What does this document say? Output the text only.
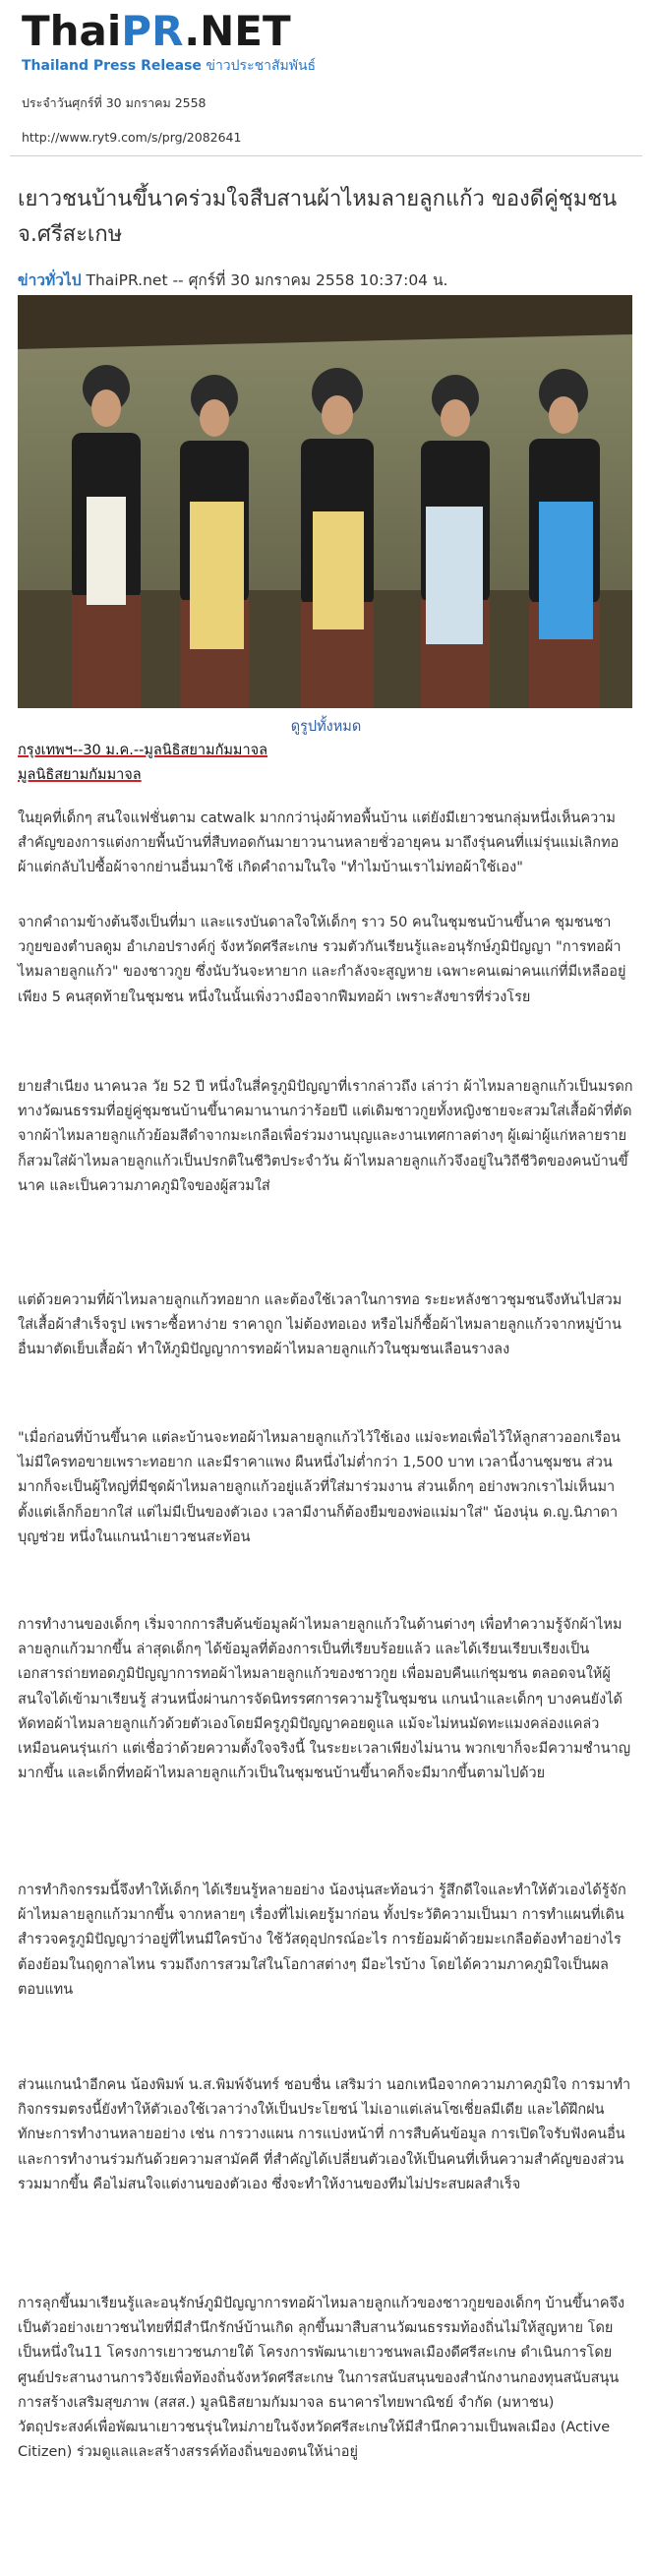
ThaiPR.NET
Thailand Press Release ข่าวประชาสัมพันธ์
ประจำวันศุกร์ที่ 30 มกราคม 2558
http://www.ryt9.com/s/prg/2082641
เยาวชนบ้านขึ้นาคร่วมใจสืบสานผ้าไหมลายลูกแก้ว ของดีคู่ชุมชน จ.ศรีสะเกษ
ข่าวทั่วไป ThaiPR.net -- ศุกร์ที่ 30 มกราคม 2558 10:37:04 น.
ดูรูปทั้งหมด
กรุงเทพฯ--30 ม.ค.--มูลนิธิสยามกัมมาจล
มูลนิธิสยามกัมมาจล
ในยุคที่เด็กๆ สนใจแฟชั่นตาม catwalk มากกว่านุ่งผ้าทอพื้นบ้าน แต่ยังมีเยาวชนกลุ่มหนึ่งเห็นความสำคัญของการแต่งกายพื้นบ้านที่สืบทอดกันมายาวนานหลายชั่วอายุคน มาถึงรุ่นคนที่แม่รุ่นแม่เลิกทอผ้าแต่กลับไปซื้อผ้าจากย่านอื่นมาใช้ เกิดคำถามในใจ "ทำไมบ้านเราไม่ทอผ้าใช้เอง"
จากคำถามข้างต้นจึงเป็นที่มา และแรงบันดาลใจให้เด็กๆ ราว 50 คนในชุมชนบ้านขึ้นาค ชุมชนชาวกูยของตำบลดูม อำเภอปรางค์กู่ จังหวัดศรีสะเกษ รวมตัวกันเรียนรู้และอนุรักษ์ภูมิปัญญา "การทอผ้าไหมลายลูกแก้ว" ของชาวกูย ซึ่งนับวันจะหายาก และกำลังจะสูญหาย เฉพาะคนเฒ่าคนแก่ที่มีเหลืออยู่เพียง 5 คนสุดท้ายในชุมชน หนึ่งในนั้นเพิ่งวางมือจากฟืมทอผ้า เพราะสังขารที่ร่วงโรย
ยายสำเนียง นาคนวล วัย 52 ปี หนึ่งในสี่ครูภูมิปัญญาที่เรากล่าวถึง เล่าว่า ผ้าไหมลายลูกแก้วเป็นมรดกทางวัฒนธรรมที่อยู่คู่ชุมชนบ้านขึ้นาคมานานกว่าร้อยปี แต่เดิมชาวกูยทั้งหญิงชายจะสวมใส่เสื้อผ้าที่ตัดจากผ้าไหมลายลูกแก้วย้อมสีดำจากมะเกลือเพื่อร่วมงานบุญและงานเทศกาลต่างๆ ผู้เฒ่าผู้แก่หลายรายก็สวมใส่ผ้าไหมลายลูกแก้วเป็นปรกติในชีวิตประจำวัน ผ้าไหมลายลูกแก้วจึงอยู่ในวิถีชีวิตของคนบ้านขึ้นาค และเป็นความภาคภูมิใจของผู้สวมใส่
แต่ด้วยความที่ผ้าไหมลายลูกแก้วทอยาก และต้องใช้เวลาในการทอ ระยะหลังชาวชุมชนจึงหันไปสวมใส่เสื้อผ้าสำเร็จรูป เพราะซื้อหาง่าย ราคาถูก ไม่ต้องทอเอง หรือไม่ก็ซื้อผ้าไหมลายลูกแก้วจากหมู่บ้านอื่นมาตัดเย็บเสื้อผ้า ทำให้ภูมิปัญญาการทอผ้าไหมลายลูกแก้วในชุมชนเลือนรางลง
"เมื่อก่อนที่บ้านขึ้นาค แต่ละบ้านจะทอผ้าไหมลายลูกแก้วไว้ใช้เอง แม่จะทอเพื่อไว้ให้ลูกสาวออกเรือน ไม่มีใครทอขายเพราะทอยาก และมีราคาแพง ผืนหนึ่งไม่ต่ำกว่า 1,500 บาท เวลานี้งานชุมชน ส่วนมากก็จะเป็นผู้ใหญ่ที่มีชุดผ้าไหมลายลูกแก้วอยู่แล้วที่ใส่มาร่วมงาน ส่วนเด็กๆ อย่างพวกเราไม่เห็นมาตั้งแต่เล็กก็อยากใส่ แต่ไม่มีเป็นของตัวเอง เวลามีงานก็ต้องยืมของพ่อแม่มาใส่" น้องนุ่น ด.ญ.นิภาดา บุญช่วย หนึ่งในแกนนำเยาวชนสะท้อน
การทำงานของเด็กๆ เริ่มจากการสืบค้นข้อมูลผ้าไหมลายลูกแก้วในด้านต่างๆ เพื่อทำความรู้จักผ้าไหมลายลูกแก้วมากขึ้น ล่าสุดเด็กๆ ได้ข้อมูลที่ต้องการเป็นที่เรียบร้อยแล้ว และได้เรียนเรียบเรียงเป็นเอกสารถ่ายทอดภูมิปัญญาการทอผ้าไหมลายลูกแก้วของชาวกูย เพื่อมอบคืนแก่ชุมชน ตลอดจนให้ผู้สนใจได้เข้ามาเรียนรู้ ส่วนหนึ่งผ่านการจัดนิทรรศการความรู้ในชุมชน แกนนำและเด็กๆ บางคนยังได้หัดทอผ้าไหมลายลูกแก้วด้วยตัวเองโดยมีครูภูมิปัญญาคอยดูแล แม้จะไม่หนมัดทะแมงคล่องแคล่วเหมือนคนรุ่นเก่า แต่เชื่อว่าด้วยความตั้งใจจริงนี้ ในระยะเวลาเพียงไม่นาน พวกเขาก็จะมีความชำนาญมากขึ้น และเด็กที่ทอผ้าไหมลายลูกแก้วเป็นในชุมชนบ้านขึ้นาคก็จะมีมากขึ้นตามไปด้วย
การทำกิจกรรมนี้จึงทำให้เด็กๆ ได้เรียนรู้หลายอย่าง น้องนุ่นสะท้อนว่า รู้สึกดีใจและทำให้ตัวเองได้รู้จักผ้าไหมลายลูกแก้วมากขึ้น จากหลายๆ เรื่องที่ไม่เคยรู้มาก่อน ทั้งประวัติความเป็นมา การทำแผนที่เดินสำรวจครูภูมิปัญญาว่าอยู่ที่ไหนมีใครบ้าง ใช้วัสดุอุปกรณ์อะไร การย้อมผ้าด้วยมะเกลือต้องทำอย่างไร ต้องย้อมในฤดูกาลไหน รวมถึงการสวมใส่ในโอกาสต่างๆ มีอะไรบ้าง โดยได้ความภาคภูมิใจเป็นผลตอบแทน
ส่วนแกนนำอีกคน น้องพิมพ์ น.ส.พิมพ์จันทร์ ชอบชื่น เสริมว่า นอกเหนือจากความภาคภูมิใจ การมาทำกิจกรรมตรงนี้ยังทำให้ตัวเองใช้เวลาว่างให้เป็นประโยชน์ ไม่เอาแต่เล่นโซเชี่ยลมีเดีย และได้ฝึกฝนทักษะการทำงานหลายอย่าง เช่น การวางแผน การแบ่งหน้าที่ การสืบค้นข้อมูล การเปิดใจรับฟังคนอื่น และการทำงานร่วมกันด้วยความสามัคคี ที่สำคัญได้เปลี่ยนตัวเองให้เป็นคนที่เห็นความสำคัญของส่วนรวมมากขึ้น คือไม่สนใจแต่งานของตัวเอง ซึ่งจะทำให้งานของทีมไม่ประสบผลสำเร็จ
การลุกขึ้นมาเรียนรู้และอนุรักษ์ภูมิปัญญาการทอผ้าไหมลายลูกแก้วของชาวกูยของเด็กๆ บ้านขึ้นาคจึงเป็นตัวอย่างเยาวชนไทยที่มีสำนึกรักษ์บ้านเกิด ลุกขึ้นมาสืบสานวัฒนธรรมท้องถิ่นไม่ให้สูญหาย โดยเป็นหนึ่งใน11 โครงการเยาวชนภายใต้ โครงการพัฒนาเยาวชนพลเมืองดีศรีสะเกษ ดำเนินการโดยศูนย์ประสานงานการวิจัยเพื่อท้องถิ่นจังหวัดศรีสะเกษ ในการสนับสนุนของสำนักงานกองทุนสนับสนุนการสร้างเสริมสุขภาพ (สสส.) มูลนิธิสยามกัมมาจล ธนาคารไทยพาณิชย์ จำกัด (มหาชน) วัตถุประสงค์เพื่อพัฒนาเยาวชนรุ่นใหม่ภายในจังหวัดศรีสะเกษให้มีสำนึกความเป็นพลเมือง (Active Citizen) ร่วมดูแลและสร้างสรรค์ท้องถิ่นของตนให้น่าอยู่
